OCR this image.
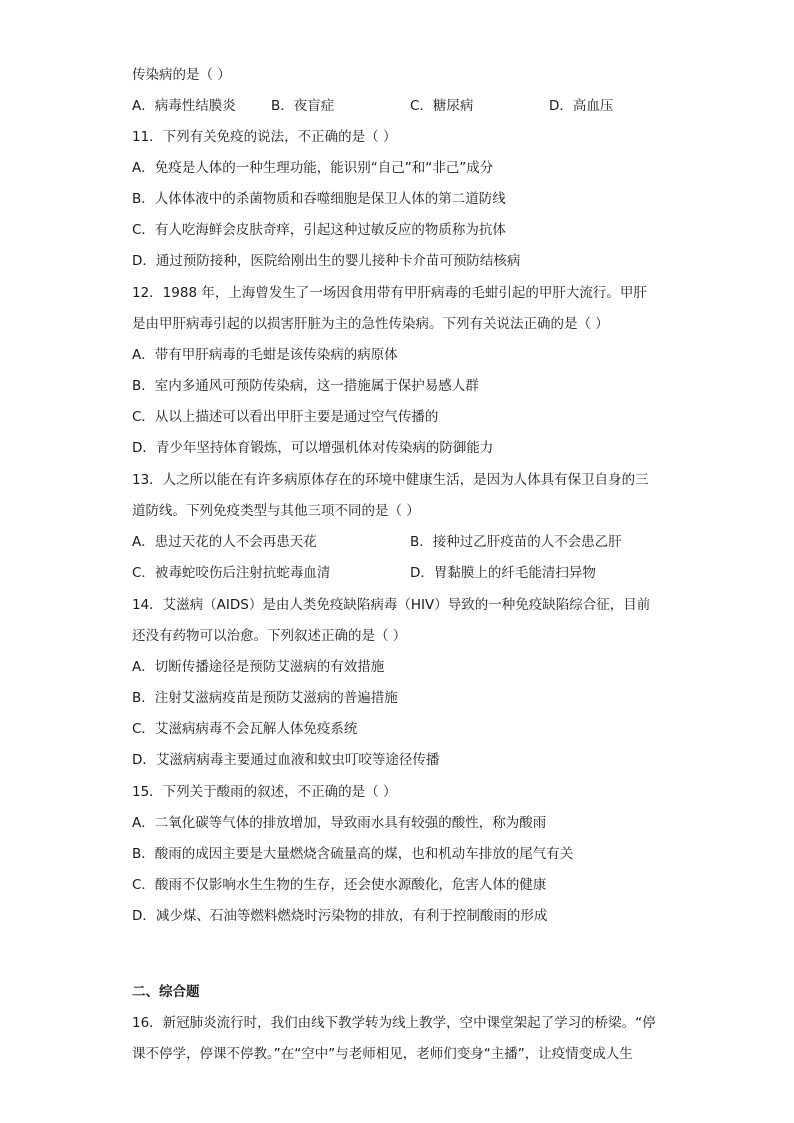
传染病的是（ ）
A．病毒性结膜炎	B．夜盲症	C．糖尿病	D．高血压
11．下列有关免疫的说法，不正确的是（ ）
A．免疫是人体的一种生理功能，能识别“自己”和“非己”成分
B．人体体液中的杀菌物质和吞噬细胞是保卫人体的第二道防线
C．有人吃海鲜会皮肤奇痒，引起这种过敏反应的物质称为抗体
D．通过预防接种，医院给刚出生的婴儿接种卡介苗可预防结核病
12．1988 年，上海曾发生了一场因食用带有甲肝病毒的毛蚶引起的甲肝大流行。甲肝
是由甲肝病毒引起的以损害肝脏为主的急性传染病。下列有关说法正确的是（ ）
A．带有甲肝病毒的毛蚶是该传染病的病原体
B．室内多通风可预防传染病，这一措施属于保护易感人群
C．从以上描述可以看出甲肝主要是通过空气传播的
D．青少年坚持体育锻炼，可以增强机体对传染病的防御能力
13．人之所以能在有许多病原体存在的环境中健康生活，是因为人体具有保卫自身的三
道防线。下列免疫类型与其他三项不同的是（ ）
A．患过天花的人不会再患天花	B．接种过乙肝疫苗的人不会患乙肝
C．被毒蛇咬伤后注射抗蛇毒血清	D．胃黏膜上的纤毛能清扫异物
14．艾滋病（AIDS）是由人类免疫缺陷病毒（HIV）导致的一种免疫缺陷综合征，目前
还没有药物可以治愈。下列叙述正确的是（ ）
A．切断传播途径是预防艾滋病的有效措施
B．注射艾滋病疫苗是预防艾滋病的普遍措施
C．艾滋病病毒不会瓦解人体免疫系统
D．艾滋病病毒主要通过血液和蚊虫叮咬等途径传播
15．下列关于酸雨的叙述，不正确的是（ ）
A．二氧化碳等气体的排放增加，导致雨水具有较强的酸性，称为酸雨
B．酸雨的成因主要是大量燃烧含硫量高的煤，也和机动车排放的尾气有关
C．酸雨不仅影响水生生物的生存，还会使水源酸化，危害人体的健康
D．减少煤、石油等燃料燃烧时污染物的排放，有利于控制酸雨的形成
二、综合题
16．新冠肺炎流行时，我们由线下教学转为线上教学，空中课堂架起了学习的桥梁。“停
课不停学，停课不停教。”在“空中”与老师相见，老师们变身“主播”，让疫情变成人生
